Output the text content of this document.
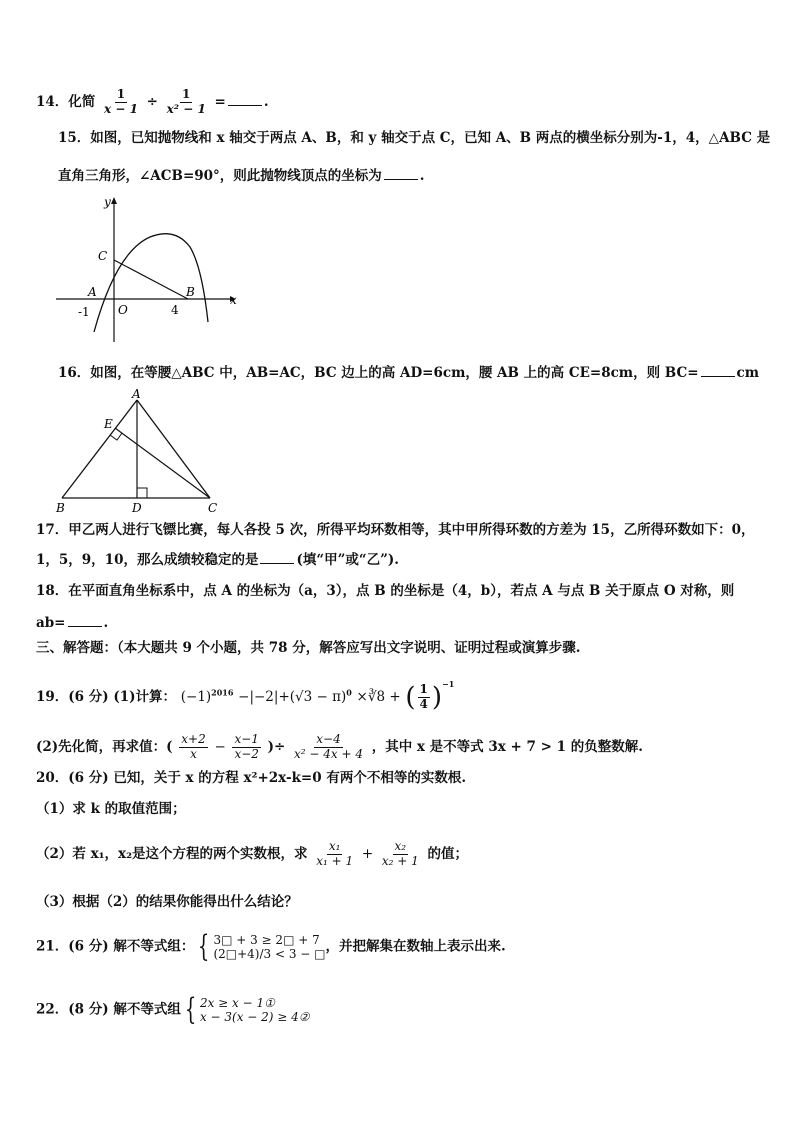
14．化简 $\frac{1}{x - 1} \div \frac{1}{\text{x² − 1}}$ =	.
15．如图，已知抛物线和 x 轴交于两点 A、B，和 y 轴交于点 C，已知 A、B 两点的横坐标分别为-1，4，△ABC 是
直角三角形，∠ACB=90°，则此抛物线顶点的坐标为	.
y
x
C
A	B
O
-1	4
16．如图，在等腰△ABC 中，AB=AC，BC 边上的高 AD=6cm，腰 AB 上的高 CE=8cm，则 BC=	cm
A
E
B	D	C
17．甲乙两人进行飞镖比赛，每人各投 5 次，所得平均环数相等，其中甲所得环数的方差为 15，乙所得环数如下：0，
1，5，9，10，那么成绩较稳定的是	(填“甲”或“乙”).
18．在平面直角坐标系中，点 A 的坐标为（a，3），点 B 的坐标是（4，b），若点 A 与点 B 关于原点 O 对称，则
ab=	.
三、解答题：（本大题共 9 个小题，共 78 分，解答应写出文字说明、证明过程或演算步骤.
19．(6 分) (1)计算： $(-1)^{2016} -|-2|+(√3 - \pi)^0$ ×∛8 + ( $\frac{1}{4} )^{-1}$
(2)先化简，再求值：( $\frac{x+2}{x} - \frac{x-1}{x-2}$ )÷ $\frac{x-4}{\text{x² − 4x + 4}}$ ，其中 x 是不等式 3x + 7 > 1 的负整数解.
20．(6 分) 已知，关于 x 的方程 x²+2x-k=0 有两个不相等的实数根.
（1）求 k 的取值范围；
（2）若 x₁，x₂是这个方程的两个实数根，求 $\frac{\text{x₁}}{\text{x₁ + 1}} + \frac{\text{x₂}}{\text{x₂ + 1}}$ 的值；
（3）根据（2）的结果你能得出什么结论？
21．(6 分) 解不等式组： { 3□ + 3 ≥ 2□ + 7
(2□+4)/3 < 3 − □ ，并把解集在数轴上表示出来.
22．(8 分) 解不等式组 { 2x ≥ x − 1①
x − 3(x − 2) ≥ 4②
